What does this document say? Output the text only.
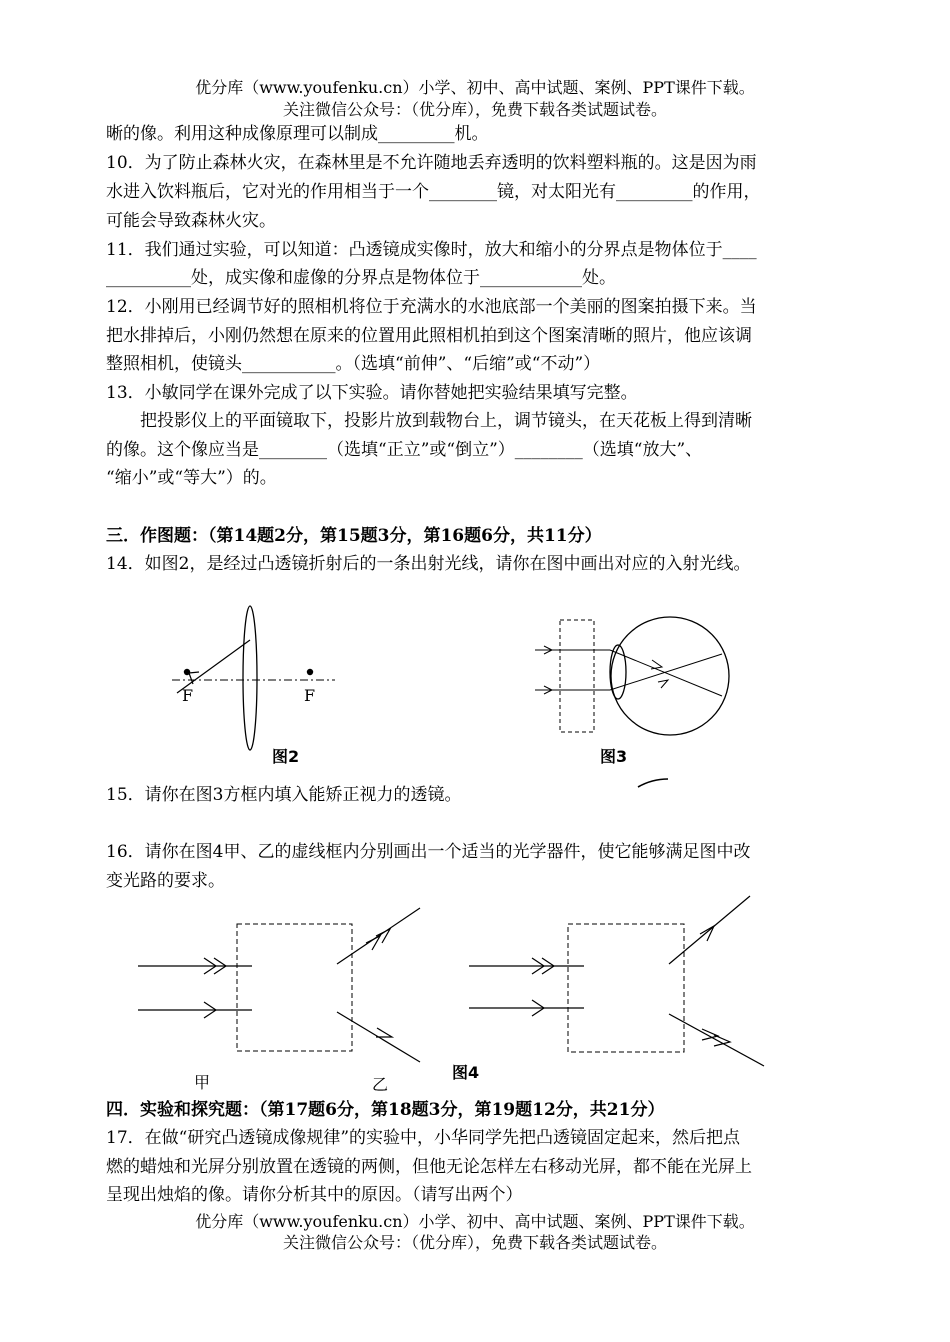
优分库（www.youfenku.cn）小学、初中、高中试题、案例、PPT课件下载。
关注微信公众号：（优分库），免费下载各类试题试卷。
晰的像。利用这种成像原理可以制成_________机。
10．为了防止森林火灾，在森林里是不允许随地丢弃透明的饮料塑料瓶的。这是因为雨
水进入饮料瓶后，它对光的作用相当于一个________镜，对太阳光有_________的作用，
可能会导致森林火灾。
11．我们通过实验，可以知道：凸透镜成实像时，放大和缩小的分界点是物体位于____
__________处，成实像和虚像的分界点是物体位于____________处。
12．小刚用已经调节好的照相机将位于充满水的水池底部一个美丽的图案拍摄下来。当
把水排掉后，小刚仍然想在原来的位置用此照相机拍到这个图案清晰的照片，他应该调
整照相机，使镜头___________。（选填“前伸”、“后缩”或“不动”）
13．小敏同学在课外完成了以下实验。请你替她把实验结果填写完整。
　　把投影仪上的平面镜取下，投影片放到载物台上，调节镜头，在天花板上得到清晰
的像。这个像应当是________（选填“正立”或“倒立”）________（选填“放大”、
“缩小”或“等大”）的。
三．作图题：（第14题2分，第15题3分，第16题6分，共11分）
14．如图2，是经过凸透镜折射后的一条出射光线，请你在图中画出对应的入射光线。
F	F
图2	图3
15．请你在图3方框内填入能矫正视力的透镜。
16．请你在图4甲、乙的虚线框内分别画出一个适当的光学器件，使它能够满足图中改
变光路的要求。
甲	乙
图4
四．实验和探究题：（第17题6分，第18题3分，第19题12分，共21分）
17．在做“研究凸透镜成像规律”的实验中，小华同学先把凸透镜固定起来，然后把点
燃的蜡烛和光屏分别放置在透镜的两侧，但他无论怎样左右移动光屏，都不能在光屏上
呈现出烛焰的像。请你分析其中的原因。（请写出两个）
优分库（www.youfenku.cn）小学、初中、高中试题、案例、PPT课件下载。
关注微信公众号：（优分库），免费下载各类试题试卷。
